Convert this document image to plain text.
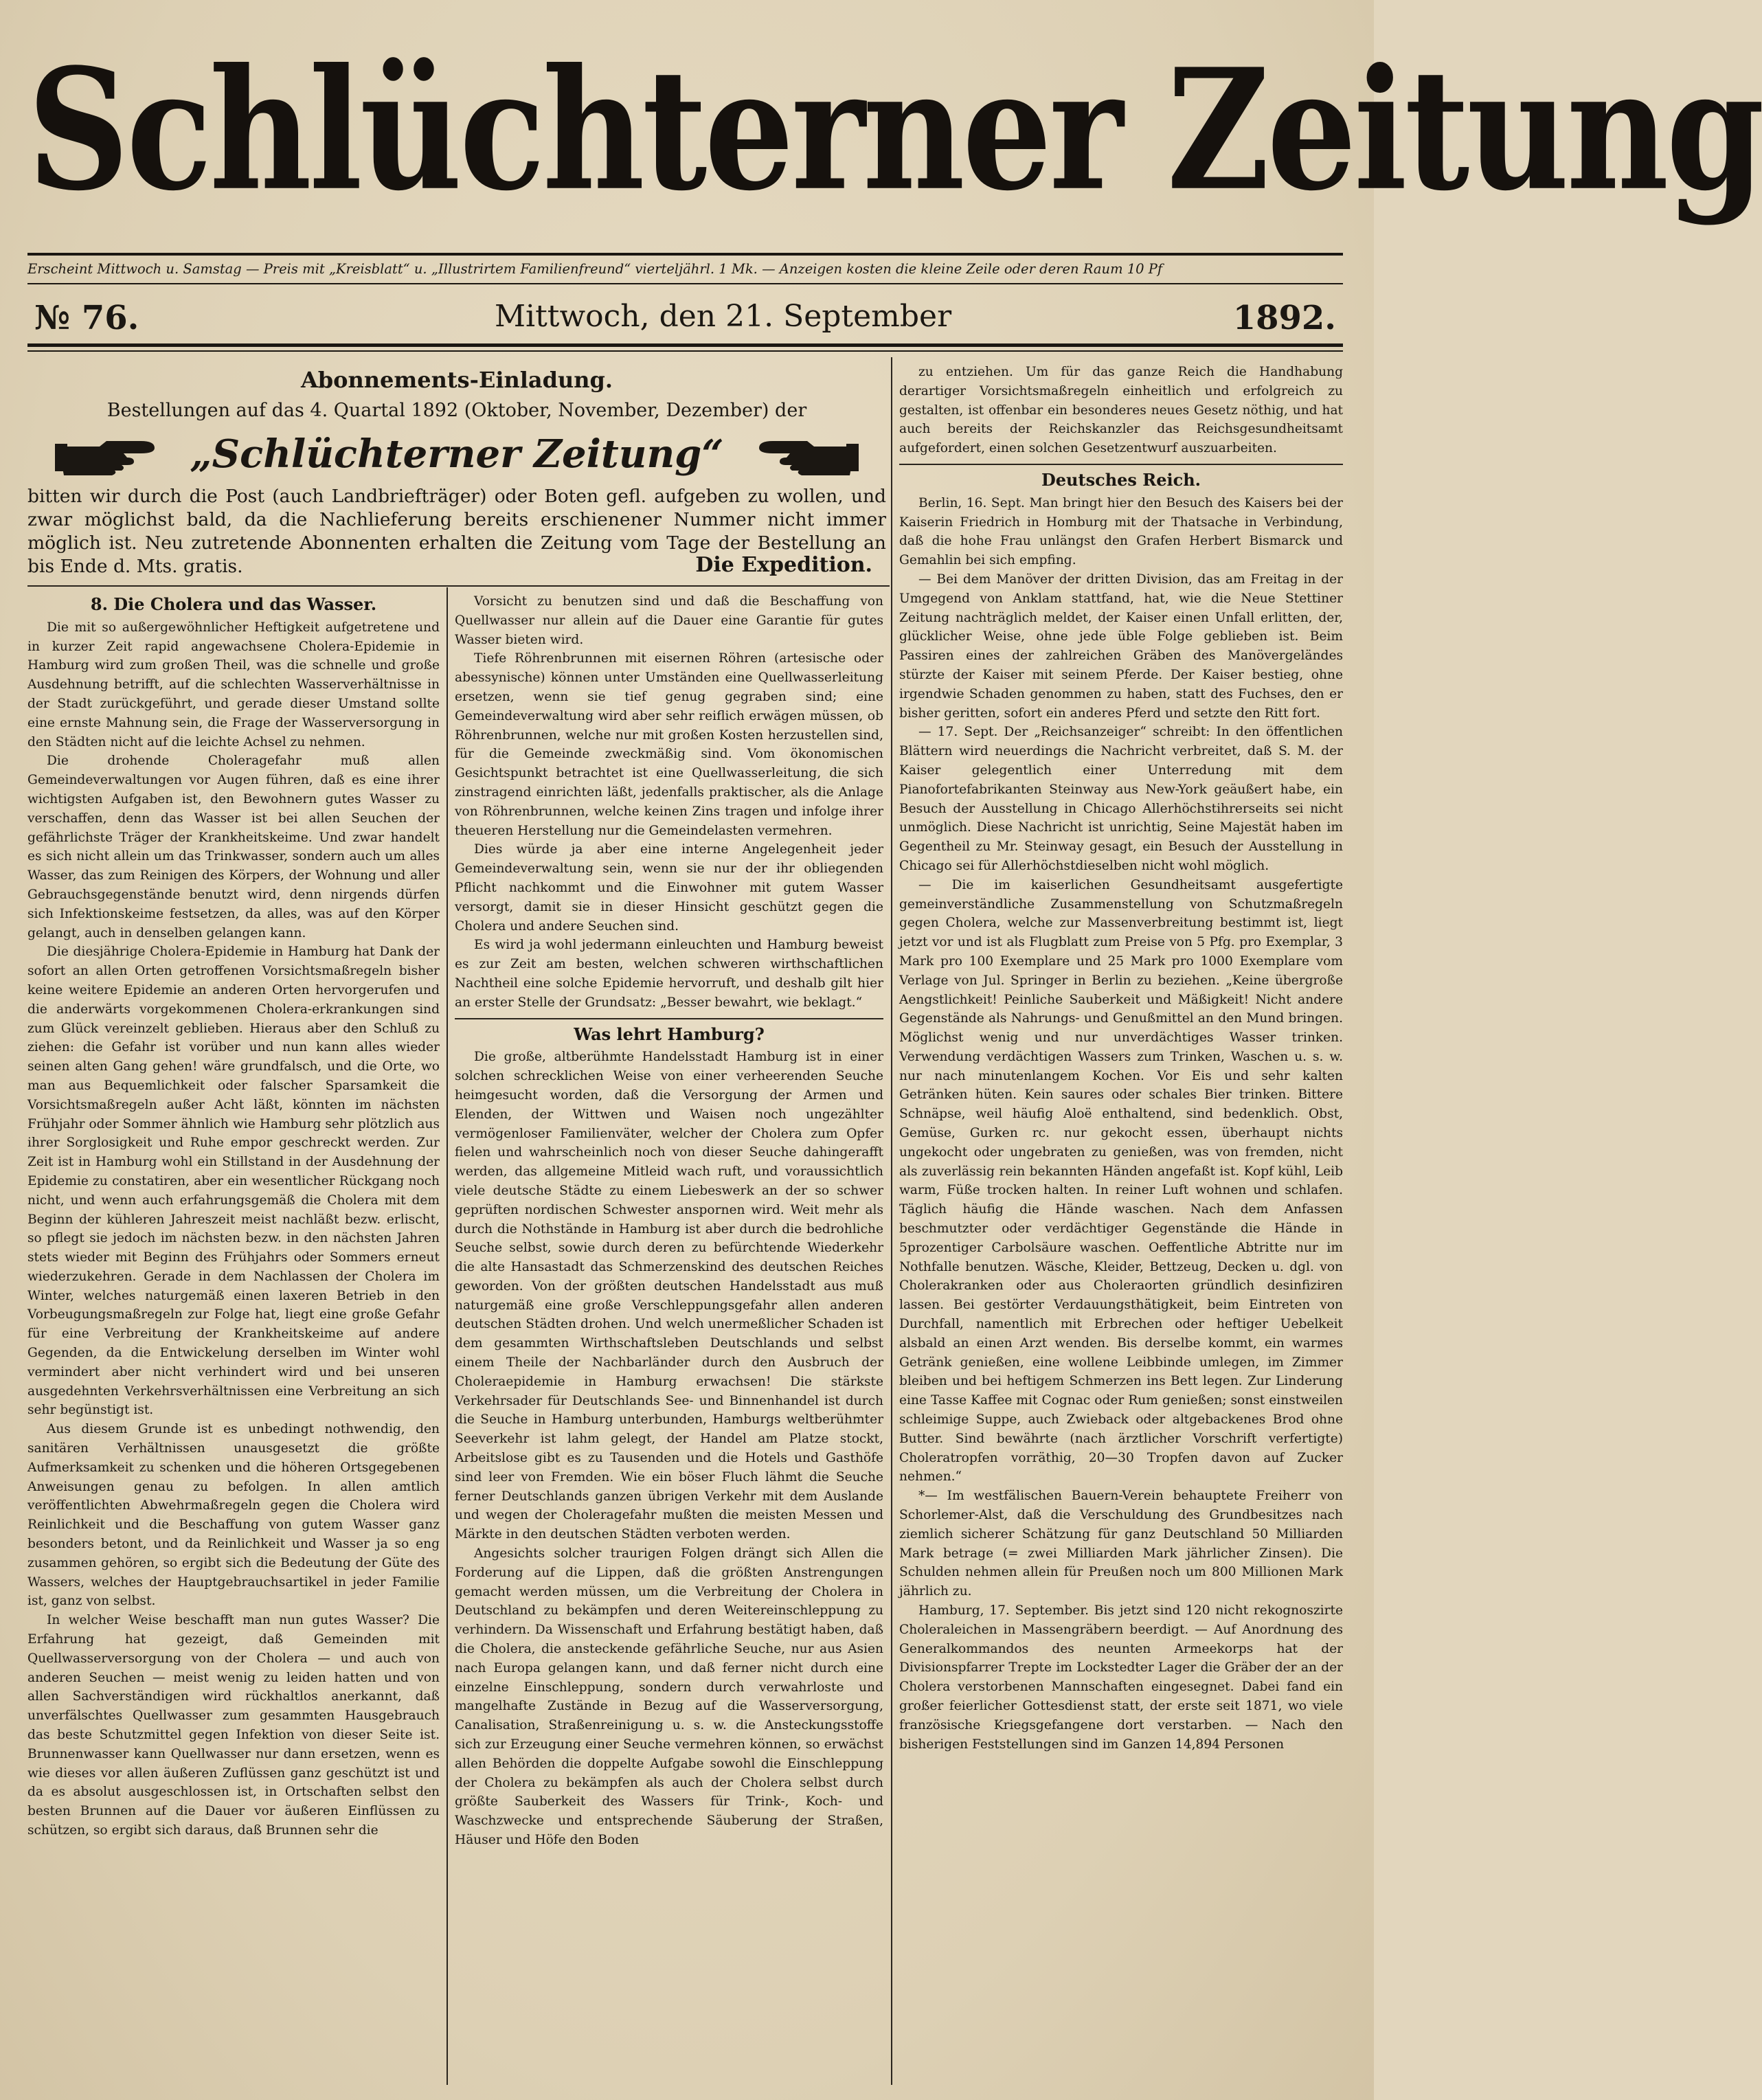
Schlüchterner Zeitung
Erscheint Mittwoch u. Samstag — Preis mit „Kreisblatt“ u. „Illustrirtem Familienfreund“ vierteljährl. 1 Mk. — Anzeigen kosten die kleine Zeile oder deren Raum 10 Pf
№ 76.	Mittwoch, den 21. September	1892.
Abonnements-Einladung.
Bestellungen auf das 4. Quartal 1892 (Oktober, November, Dezember) der
„Schlüchterner Zeitung“
bitten wir durch die Post (auch Landbriefträger) oder Boten gefl. aufgeben zu wollen, und zwar möglichst bald, da die Nachlieferung bereits erschienener Nummer nicht immer möglich ist. Neu zutretende Abonnenten erhalten die Zeitung vom Tage der Bestellung an bis Ende d. Mts. gratis.	Die Expedition.
8. Die Cholera und das Wasser.

Die mit so außergewöhnlicher Heftigkeit aufgetretene und in kurzer Zeit rapid angewachsene Cholera-Epidemie in Hamburg wird zum großen Theil, was die schnelle und große Ausdehnung betrifft, auf die schlechten Wasserverhältnisse in der Stadt zurückgeführt, und gerade dieser Umstand sollte eine ernste Mahnung sein, die Frage der Wasserversorgung in den Städten nicht auf die leichte Achsel zu nehmen.

Die drohende Choleragefahr muß allen Gemeindeverwaltungen vor Augen führen, daß es eine ihrer wichtigsten Aufgaben ist, den Bewohnern gutes Wasser zu verschaffen, denn das Wasser ist bei allen Seuchen der gefährlichste Träger der Krankheitskeime. Und zwar handelt es sich nicht allein um das Trinkwasser, sondern auch um alles Wasser, das zum Reinigen des Körpers, der Wohnung und aller Gebrauchsgegenstände benutzt wird, denn nirgends dürfen sich Infektionskeime festsetzen, da alles, was auf den Körper gelangt, auch in denselben gelangen kann.

Die diesjährige Cholera-Epidemie in Hamburg hat Dank der sofort an allen Orten getroffenen Vorsichtsmaßregeln bisher keine weitere Epidemie an anderen Orten hervorgerufen und die anderwärts vorgekommenen Cholera-erkrankungen sind zum Glück vereinzelt geblieben. Hieraus aber den Schluß zu ziehen: die Gefahr ist vorüber und nun kann alles wieder seinen alten Gang gehen! wäre grundfalsch, und die Orte, wo man aus Bequemlichkeit oder falscher Sparsamkeit die Vorsichtsmaßregeln außer Acht läßt, könnten im nächsten Frühjahr oder Sommer ähnlich wie Hamburg sehr plötzlich aus ihrer Sorglosigkeit und Ruhe empor geschreckt werden. Zur Zeit ist in Hamburg wohl ein Stillstand in der Ausdehnung der Epidemie zu constatiren, aber ein wesentlicher Rückgang noch nicht, und wenn auch erfahrungsgemäß die Cholera mit dem Beginn der kühleren Jahreszeit meist nachläßt bezw. erlischt, so pflegt sie jedoch im nächsten bezw. in den nächsten Jahren stets wieder mit Beginn des Frühjahrs oder Sommers erneut wiederzukehren. Gerade in dem Nachlassen der Cholera im Winter, welches naturgemäß einen laxeren Betrieb in den Vorbeugungsmaßregeln zur Folge hat, liegt eine große Gefahr für eine Verbreitung der Krankheitskeime auf andere Gegenden, da die Entwickelung derselben im Winter wohl vermindert aber nicht verhindert wird und bei unseren ausgedehnten Verkehrsverhältnissen eine Verbreitung an sich sehr begünstigt ist.

Aus diesem Grunde ist es unbedingt nothwendig, den sanitären Verhältnissen unausgesetzt die größte Aufmerksamkeit zu schenken und die höheren Ortsgegebenen Anweisungen genau zu befolgen. In allen amtlich veröffentlichten Abwehrmaßregeln gegen die Cholera wird Reinlichkeit und die Beschaffung von gutem Wasser ganz besonders betont, und da Reinlichkeit und Wasser ja so eng zusammen gehören, so ergibt sich die Bedeutung der Güte des Wassers, welches der Hauptgebrauchsartikel in jeder Familie ist, ganz von selbst.

In welcher Weise beschafft man nun gutes Wasser? Die Erfahrung hat gezeigt, daß Gemeinden mit Quellwasserversorgung von der Cholera — und auch von anderen Seuchen — meist wenig zu leiden hatten und von allen Sachverständigen wird rückhaltlos anerkannt, daß unverfälschtes Quellwasser zum gesammten Hausgebrauch das beste Schutzmittel gegen Infektion von dieser Seite ist. Brunnenwasser kann Quellwasser nur dann ersetzen, wenn es wie dieses vor allen äußeren Zuflüssen ganz geschützt ist und da es absolut ausgeschlossen ist, in Ortschaften selbst den besten Brunnen auf die Dauer vor äußeren Einflüssen zu schützen, so ergibt sich daraus, daß Brunnen sehr die

Vorsicht zu benutzen sind und daß die Beschaffung von Quellwasser nur allein auf die Dauer eine Garantie für gutes Wasser bieten wird.

Tiefe Röhrenbrunnen mit eisernen Röhren (artesische oder abessynische) können unter Umständen eine Quellwasserleitung ersetzen, wenn sie tief genug gegraben sind; eine Gemeindeverwaltung wird aber sehr reiflich erwägen müssen, ob Röhrenbrunnen, welche nur mit großen Kosten herzustellen sind, für die Gemeinde zweckmäßig sind. Vom ökonomischen Gesichtspunkt betrachtet ist eine Quellwasserleitung, die sich zinstragend einrichten läßt, jedenfalls praktischer, als die Anlage von Röhrenbrunnen, welche keinen Zins tragen und infolge ihrer theueren Herstellung nur die Gemeindelasten vermehren.

Dies würde ja aber eine interne Angelegenheit jeder Gemeindeverwaltung sein, wenn sie nur der ihr obliegenden Pflicht nachkommt und die Einwohner mit gutem Wasser versorgt, damit sie in dieser Hinsicht geschützt gegen die Cholera und andere Seuchen sind.

Es wird ja wohl jedermann einleuchten und Hamburg beweist es zur Zeit am besten, welchen schweren wirthschaftlichen Nachtheil eine solche Epidemie hervorruft, und deshalb gilt hier an erster Stelle der Grundsatz: „Besser bewahrt, wie beklagt.“

Was lehrt Hamburg?

Die große, altberühmte Handelsstadt Hamburg ist in einer solchen schrecklichen Weise von einer verheerenden Seuche heimgesucht worden, daß die Versorgung der Armen und Elenden, der Wittwen und Waisen noch ungezählter vermögenloser Familienväter, welcher der Cholera zum Opfer fielen und wahrscheinlich noch von dieser Seuche dahingerafft werden, das allgemeine Mitleid wach ruft, und voraussichtlich viele deutsche Städte zu einem Liebeswerk an der so schwer geprüften nordischen Schwester anspornen wird. Weit mehr als durch die Nothstände in Hamburg ist aber durch die bedrohliche Seuche selbst, sowie durch deren zu befürchtende Wiederkehr die alte Hansastadt das Schmerzenskind des deutschen Reiches geworden. Von der größten deutschen Handelsstadt aus muß naturgemäß eine große Verschleppungsgefahr allen anderen deutschen Städten drohen. Und welch unermeßlicher Schaden ist dem gesammten Wirthschaftsleben Deutschlands und selbst einem Theile der Nachbarländer durch den Ausbruch der Choleraepidemie in Hamburg erwachsen! Die stärkste Verkehrsader für Deutschlands See- und Binnenhandel ist durch die Seuche in Hamburg unterbunden, Hamburgs weltberühmter Seeverkehr ist lahm gelegt, der Handel am Platze stockt, Arbeitslose gibt es zu Tausenden und die Hotels und Gasthöfe sind leer von Fremden. Wie ein böser Fluch lähmt die Seuche ferner Deutschlands ganzen übrigen Verkehr mit dem Auslande und wegen der Choleragefahr mußten die meisten Messen und Märkte in den deutschen Städten verboten werden.

Angesichts solcher traurigen Folgen drängt sich Allen die Forderung auf die Lippen, daß die größten Anstrengungen gemacht werden müssen, um die Verbreitung der Cholera in Deutschland zu bekämpfen und deren Weitereinschleppung zu verhindern. Da Wissenschaft und Erfahrung bestätigt haben, daß die Cholera, die ansteckende gefährliche Seuche, nur aus Asien nach Europa gelangen kann, und daß ferner nicht durch eine einzelne Einschleppung, sondern durch verwahrloste und mangelhafte Zustände in Bezug auf die Wasserversorgung, Canalisation, Straßenreinigung u. s. w. die Ansteckungsstoffe sich zur Erzeugung einer Seuche vermehren können, so erwächst allen Behörden die doppelte Aufgabe sowohl die Einschleppung der Cholera zu bekämpfen als auch der Cholera selbst durch größte Sauberkeit des Wassers für Trink-, Koch- und Waschzwecke und entsprechende Säuberung der Straßen, Häuser und Höfe den Boden

zu entziehen. Um für das ganze Reich die Handhabung derartiger Vorsichtsmaßregeln einheitlich und erfolgreich zu gestalten, ist offenbar ein besonderes neues Gesetz nöthig, und hat auch bereits der Reichskanzler das Reichsgesundheitsamt aufgefordert, einen solchen Gesetzentwurf auszuarbeiten.

Deutsches Reich.

Berlin, 16. Sept. Man bringt hier den Besuch des Kaisers bei der Kaiserin Friedrich in Homburg mit der Thatsache in Verbindung, daß die hohe Frau unlängst den Grafen Herbert Bismarck und Gemahlin bei sich empfing.

— Bei dem Manöver der dritten Division, das am Freitag in der Umgegend von Anklam stattfand, hat, wie die Neue Stettiner Zeitung nachträglich meldet, der Kaiser einen Unfall erlitten, der, glücklicher Weise, ohne jede üble Folge geblieben ist. Beim Passiren eines der zahlreichen Gräben des Manövergeländes stürzte der Kaiser mit seinem Pferde. Der Kaiser bestieg, ohne irgendwie Schaden genommen zu haben, statt des Fuchses, den er bisher geritten, sofort ein anderes Pferd und setzte den Ritt fort.

— 17. Sept. Der „Reichsanzeiger“ schreibt: In den öffentlichen Blättern wird neuerdings die Nachricht verbreitet, daß S. M. der Kaiser gelegentlich einer Unterredung mit dem Pianofortefabrikanten Steinway aus New-York geäußert habe, ein Besuch der Ausstellung in Chicago Allerhöchstihrerseits sei nicht unmöglich. Diese Nachricht ist unrichtig, Seine Majestät haben im Gegentheil zu Mr. Steinway gesagt, ein Besuch der Ausstellung in Chicago sei für Allerhöchstdieselben nicht wohl möglich.

— Die im kaiserlichen Gesundheitsamt ausgefertigte gemeinverständliche Zusammenstellung von Schutzmaßregeln gegen Cholera, welche zur Massenverbreitung bestimmt ist, liegt jetzt vor und ist als Flugblatt zum Preise von 5 Pfg. pro Exemplar, 3 Mark pro 100 Exemplare und 25 Mark pro 1000 Exemplare vom Verlage von Jul. Springer in Berlin zu beziehen. „Keine übergroße Aengstlichkeit! Peinliche Sauberkeit und Mäßigkeit! Nicht andere Gegenstände als Nahrungs- und Genußmittel an den Mund bringen. Möglichst wenig und nur unverdächtiges Wasser trinken. Verwendung verdächtigen Wassers zum Trinken, Waschen u. s. w. nur nach minutenlangem Kochen. Vor Eis und sehr kalten Getränken hüten. Kein saures oder schales Bier trinken. Bittere Schnäpse, weil häufig Aloë enthaltend, sind bedenklich. Obst, Gemüse, Gurken rc. nur gekocht essen, überhaupt nichts ungekocht oder ungebraten zu genießen, was von fremden, nicht als zuverlässig rein bekannten Händen angefaßt ist. Kopf kühl, Leib warm, Füße trocken halten. In reiner Luft wohnen und schlafen. Täglich häufig die Hände waschen. Nach dem Anfassen beschmutzter oder verdächtiger Gegenstände die Hände in 5prozentiger Carbolsäure waschen. Oeffentliche Abtritte nur im Nothfalle benutzen. Wäsche, Kleider, Bettzeug, Decken u. dgl. von Cholerakranken oder aus Choleraorten gründlich desinfiziren lassen. Bei gestörter Verdauungsthätigkeit, beim Eintreten von Durchfall, namentlich mit Erbrechen oder heftiger Uebelkeit alsbald an einen Arzt wenden. Bis derselbe kommt, ein warmes Getränk genießen, eine wollene Leibbinde umlegen, im Zimmer bleiben und bei heftigem Schmerzen ins Bett legen. Zur Linderung eine Tasse Kaffee mit Cognac oder Rum genießen; sonst einstweilen schleimige Suppe, auch Zwieback oder altgebackenes Brod ohne Butter. Sind bewährte (nach ärztlicher Vorschrift verfertigte) Choleratropfen vorräthig, 20—30 Tropfen davon auf Zucker nehmen.“

*— Im westfälischen Bauern-Verein behauptete Freiherr von Schorlemer-Alst, daß die Verschuldung des Grundbesitzes nach ziemlich sicherer Schätzung für ganz Deutschland 50 Milliarden Mark betrage (= zwei Milliarden Mark jährlicher Zinsen). Die Schulden nehmen allein für Preußen noch um 800 Millionen Mark jährlich zu.

Hamburg, 17. September. Bis jetzt sind 120 nicht rekognoszirte Choleraleichen in Massengräbern beerdigt. — Auf Anordnung des Generalkommandos des neunten Armeekorps hat der Divisionspfarrer Trepte im Lockstedter Lager die Gräber der an der Cholera verstorbenen Mannschaften eingesegnet. Dabei fand ein großer feierlicher Gottesdienst statt, der erste seit 1871, wo viele französische Kriegsgefangene dort verstarben. — Nach den bisherigen Feststellungen sind im Ganzen 14,894 Personen
